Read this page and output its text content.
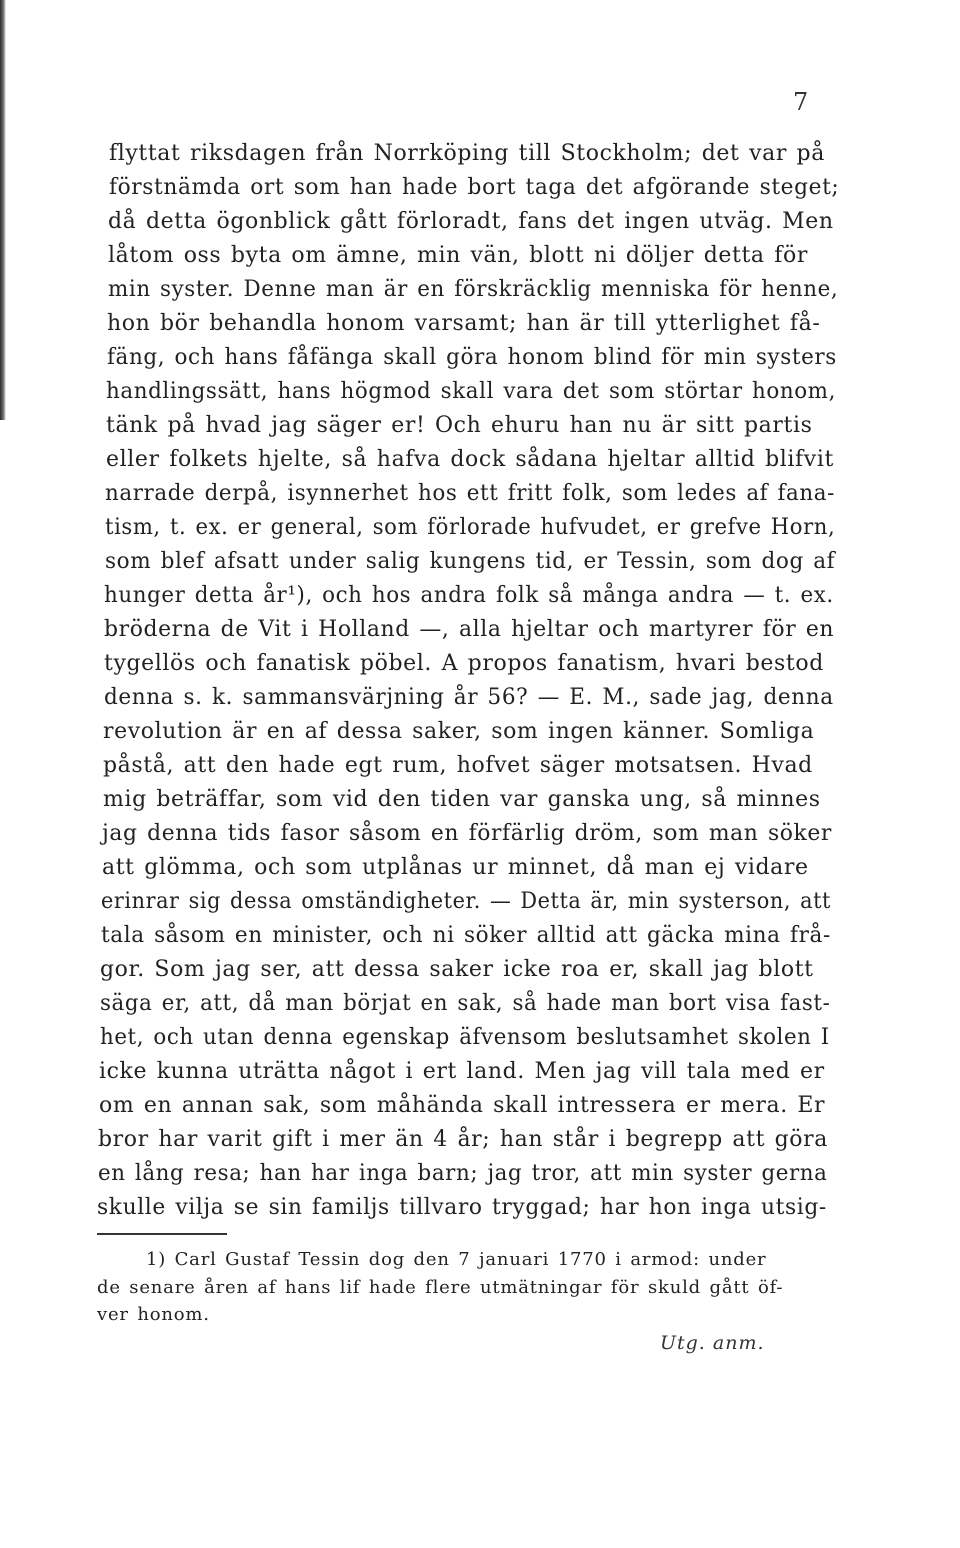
7
flyttat riksdagen från Norrköping till Stockholm; det var på
förstnämda ort som han hade bort taga det afgörande steget;
då detta ögonblick gått förloradt, fans det ingen utväg. Men
låtom oss byta om ämne, min vän, blott ni döljer detta för
min syster. Denne man är en förskräcklig menniska för henne,
hon bör behandla honom varsamt; han är till ytterlighet få-
fäng, och hans fåfänga skall göra honom blind för min systers
handlingssätt, hans högmod skall vara det som störtar honom,
tänk på hvad jag säger er! Och ehuru han nu är sitt partis
eller folkets hjelte, så hafva dock sådana hjeltar alltid blifvit
narrade derpå, isynnerhet hos ett fritt folk, som ledes af fana-
tism, t. ex. er general, som förlorade hufvudet, er grefve Horn,
som blef afsatt under salig kungens tid, er Tessin, som dog af
hunger detta år¹), och hos andra folk så många andra — t. ex.
bröderna de Vit i Holland —, alla hjeltar och martyrer för en
tygellös och fanatisk pöbel. A propos fanatism, hvari bestod
denna s. k. sammansvärjning år 56? — E. M., sade jag, denna
revolution är en af dessa saker, som ingen känner. Somliga
påstå, att den hade egt rum, hofvet säger motsatsen. Hvad
mig beträffar, som vid den tiden var ganska ung, så minnes
jag denna tids fasor såsom en förfärlig dröm, som man söker
att glömma, och som utplånas ur minnet, då man ej vidare
erinrar sig dessa omständigheter. — Detta är, min systerson, att
tala såsom en minister, och ni söker alltid att gäcka mina frå-
gor. Som jag ser, att dessa saker icke roa er, skall jag blott
säga er, att, då man börjat en sak, så hade man bort visa fast-
het, och utan denna egenskap äfvensom beslutsamhet skolen I
icke kunna uträtta något i ert land. Men jag vill tala med er
om en annan sak, som måhända skall intressera er mera. Er
bror har varit gift i mer än 4 år; han står i begrepp att göra
en lång resa; han har inga barn; jag tror, att min syster gerna
skulle vilja se sin familjs tillvaro tryggad; har hon inga utsig-
1) Carl Gustaf Tessin dog den 7 januari 1770 i armod: under
de senare åren af hans lif hade flere utmätningar för skuld gått öf-
ver honom.
Utg. anm.
